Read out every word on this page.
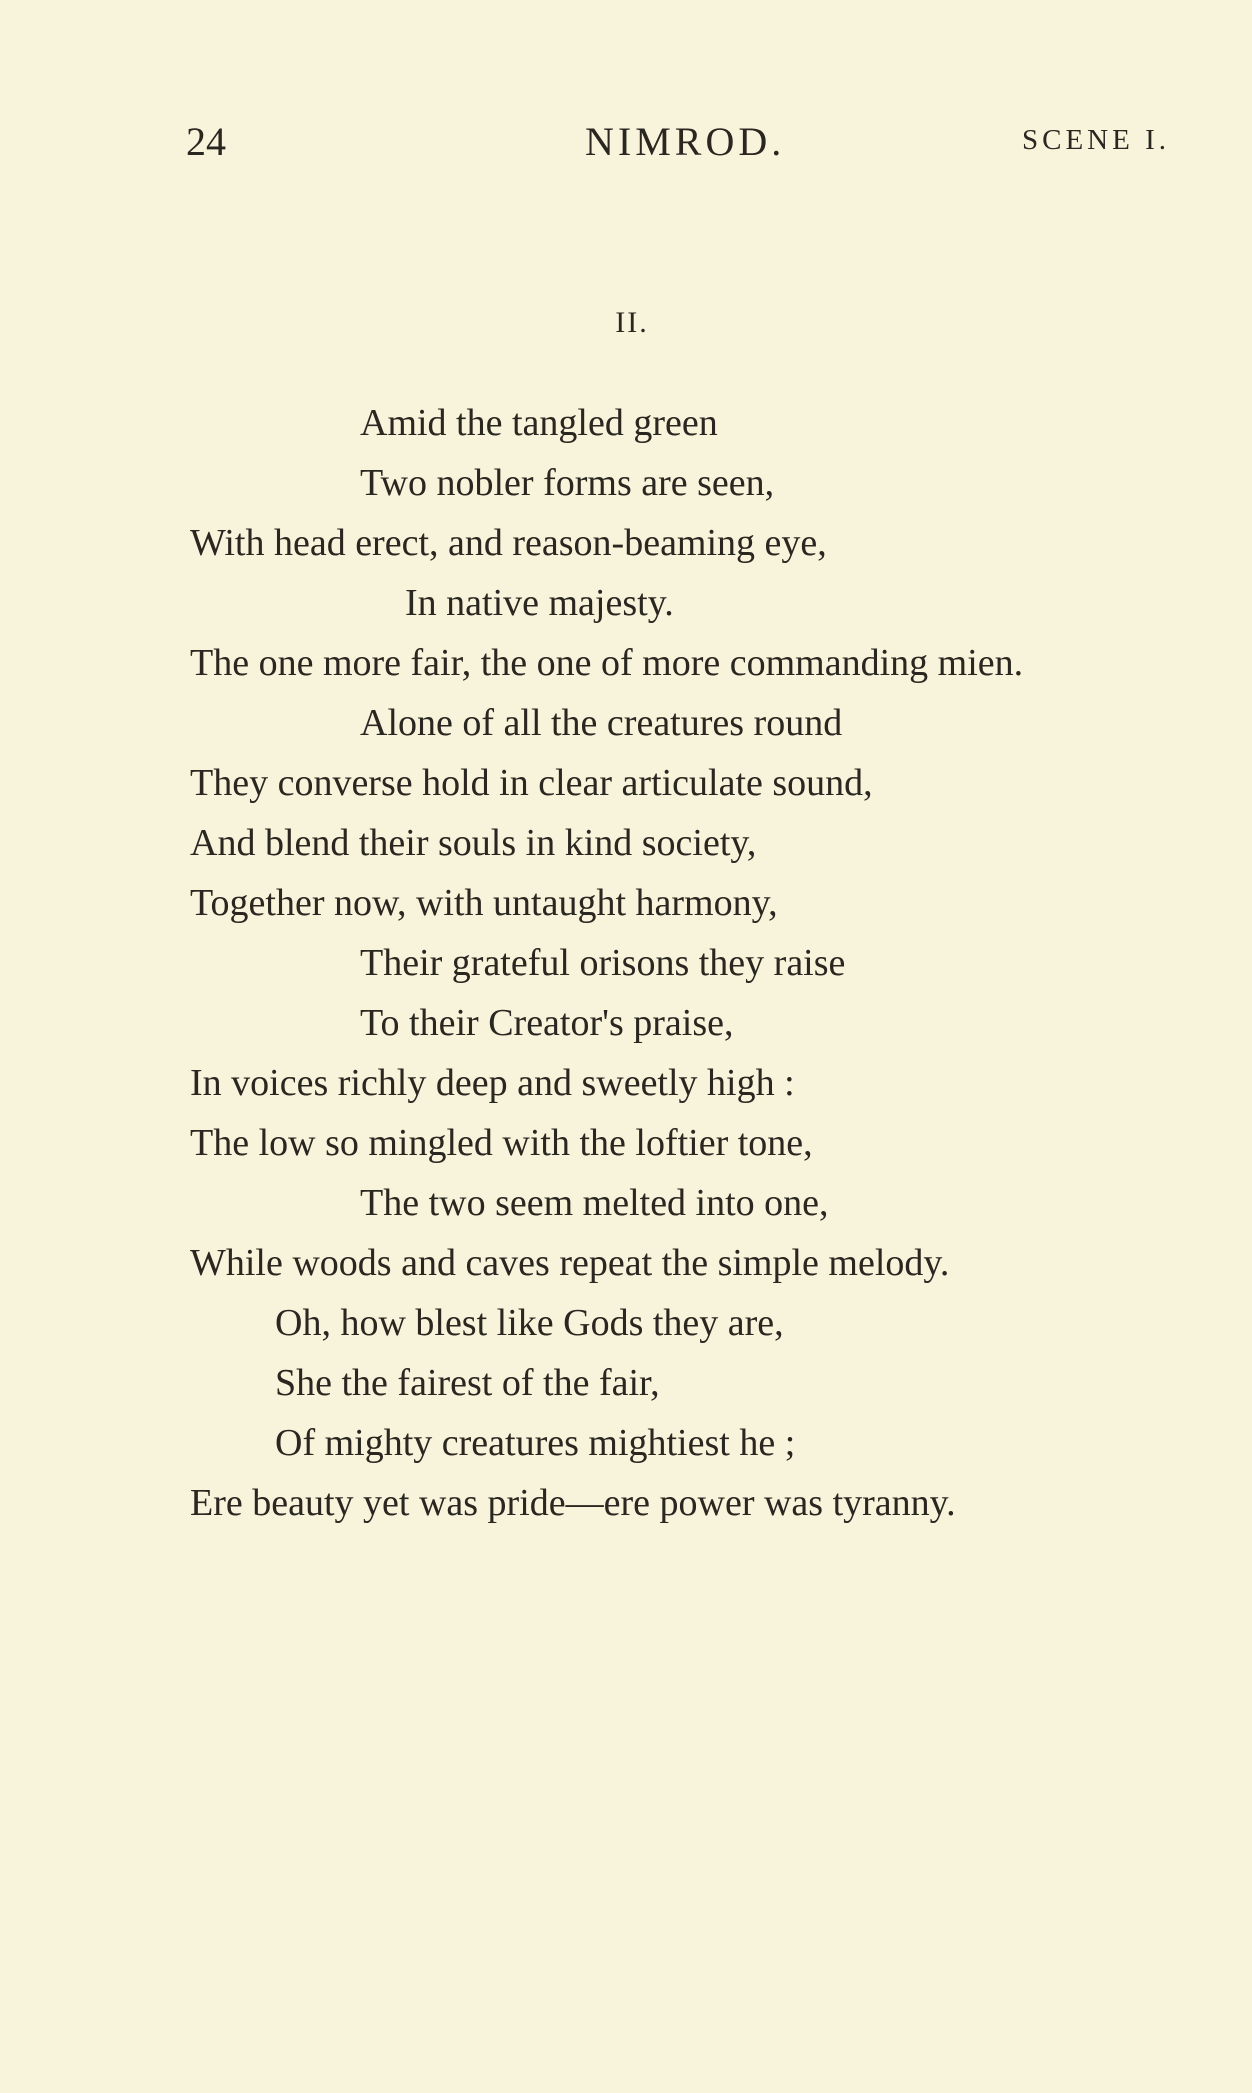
24	NIMROD.	SCENE I.
II.
Amid the tangled green
Two nobler forms are seen,
With head erect, and reason-beaming eye,
In native majesty.
The one more fair, the one of more commanding mien.
Alone of all the creatures round
They converse hold in clear articulate sound,
And blend their souls in kind society,
Together now, with untaught harmony,
Their grateful orisons they raise
To their Creator's praise,
In voices richly deep and sweetly high :
The low so mingled with the loftier tone,
The two seem melted into one,
While woods and caves repeat the simple melody.
Oh, how blest like Gods they are,
She the fairest of the fair,
Of mighty creatures mightiest he ;
Ere beauty yet was pride—ere power was tyranny.
